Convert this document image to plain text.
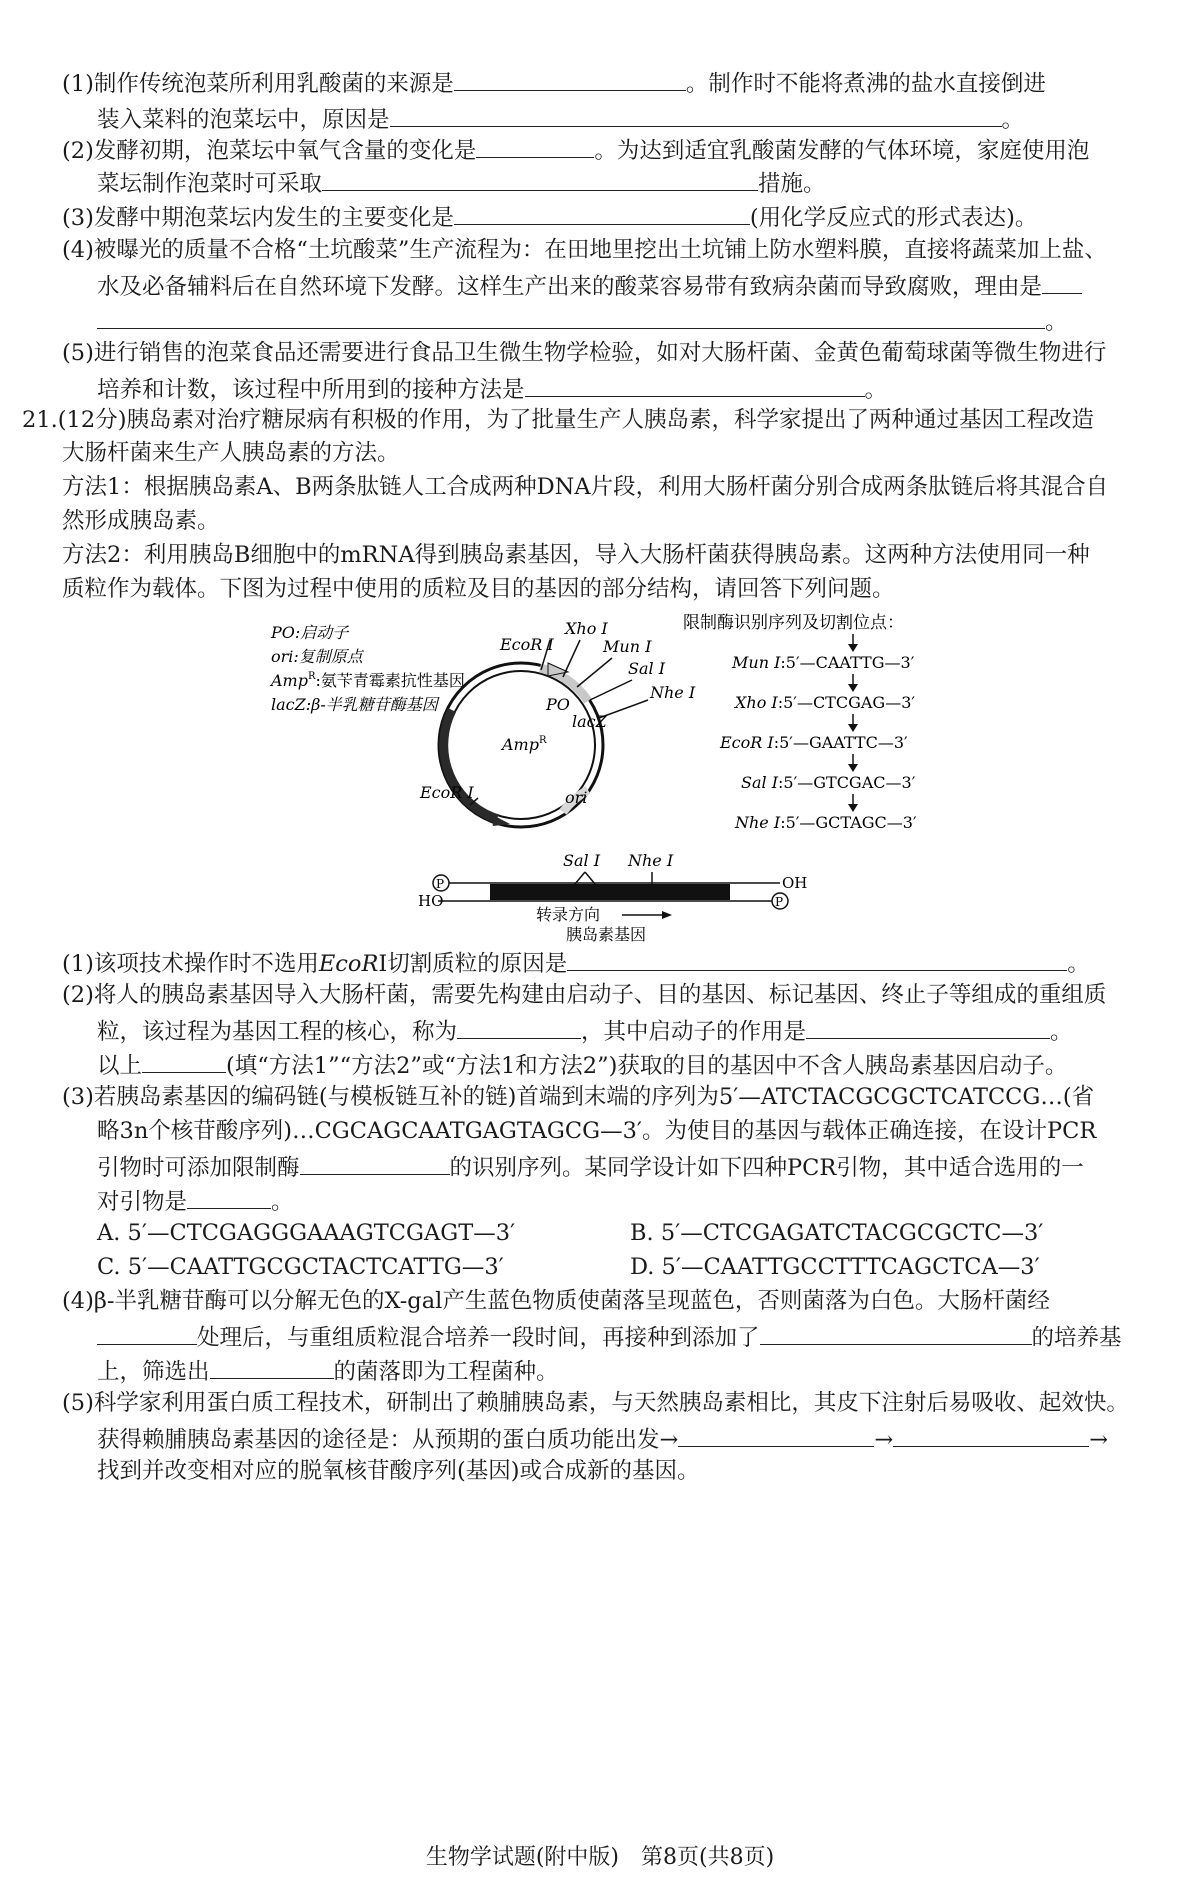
(1)制作传统泡菜所利用乳酸菌的来源是	。制作时不能将煮沸的盐水直接倒进
装入菜料的泡菜坛中，原因是	。
(2)发酵初期，泡菜坛中氧气含量的变化是	。为达到适宜乳酸菌发酵的气体环境，家庭使用泡
菜坛制作泡菜时可采取	措施。
(3)发酵中期泡菜坛内发生的主要变化是	(用化学反应式的形式表达)。
(4)被曝光的质量不合格“土坑酸菜”生产流程为：在田地里挖出土坑铺上防水塑料膜，直接将蔬菜加上盐、
水及必备辅料后在自然环境下发酵。这样生产出来的酸菜容易带有致病杂菌而导致腐败，理由是
。
(5)进行销售的泡菜食品还需要进行食品卫生微生物学检验，如对大肠杆菌、金黄色葡萄球菌等微生物进行
培养和计数，该过程中所用到的接种方法是	。
21.(12分)胰岛素对治疗糖尿病有积极的作用，为了批量生产人胰岛素，科学家提出了两种通过基因工程改造
大肠杆菌来生产人胰岛素的方法。
方法1：根据胰岛素A、B两条肽链人工合成两种DNA片段，利用大肠杆菌分别合成两条肽链后将其混合自
然形成胰岛素。
方法2：利用胰岛B细胞中的mRNA得到胰岛素基因，导入大肠杆菌获得胰岛素。这两种方法使用同一种
质粒作为载体。下图为过程中使用的质粒及目的基因的部分结构，请回答下列问题。
PO:启动子
ori:复制原点
Amp$^R$:氨苄青霉素抗性基因
lacZ:β-半乳糖苷酶基因
EcoR Ⅰ
Xho Ⅰ
Mun Ⅰ
Sal Ⅰ
Nhe Ⅰ
EcoR Ⅰ
PO
lacZ
Amp$^R$
ori
限制酶识别序列及切割位点：
Mun Ⅰ:5′—CAATTG—3′
Xho Ⅰ:5′—CTCGAG—3′
EcoR Ⅰ:5′—GAATTC—3′
Sal Ⅰ:5′—GTCGAC—3′
Nhe Ⅰ:5′—GCTAGC—3′
Sal Ⅰ Nhe Ⅰ
P
P
OH
HO
转录方向
胰岛素基因
(1)该项技术操作时不选用EcoRⅠ切割质粒的原因是	。
(2)将人的胰岛素基因导入大肠杆菌，需要先构建由启动子、目的基因、标记基因、终止子等组成的重组质
粒，该过程为基因工程的核心，称为	，其中启动子的作用是	。
以上	(填“方法1”“方法2”或“方法1和方法2”)获取的目的基因中不含人胰岛素基因启动子。
(3)若胰岛素基因的编码链(与模板链互补的链)首端到末端的序列为5′—ATCTACGCGCTCATCCG…(省
略3n个核苷酸序列)…CGCAGCAATGAGTAGCG—3′。为使目的基因与载体正确连接，在设计PCR
引物时可添加限制酶	的识别序列。某同学设计如下四种PCR引物，其中适合选用的一
对引物是	。
A. 5′—CTCGAGGGAAAGTCGAGT—3′	B. 5′—CTCGAGATCTACGCGCTC—3′
C. 5′—CAATTGCGCTACTCATTG—3′	D. 5′—CAATTGCCTTTCAGCTCA—3′
(4)β-半乳糖苷酶可以分解无色的X-gal产生蓝色物质使菌落呈现蓝色，否则菌落为白色。大肠杆菌经
处理后，与重组质粒混合培养一段时间，再接种到添加了	的培养基
上，筛选出	的菌落即为工程菌种。
(5)科学家利用蛋白质工程技术，研制出了赖脯胰岛素，与天然胰岛素相比，其皮下注射后易吸收、起效快。
获得赖脯胰岛素基因的途径是：从预期的蛋白质功能出发→	→	→
找到并改变相对应的脱氧核苷酸序列(基因)或合成新的基因。
生物学试题(附中版)　第8页(共8页)
